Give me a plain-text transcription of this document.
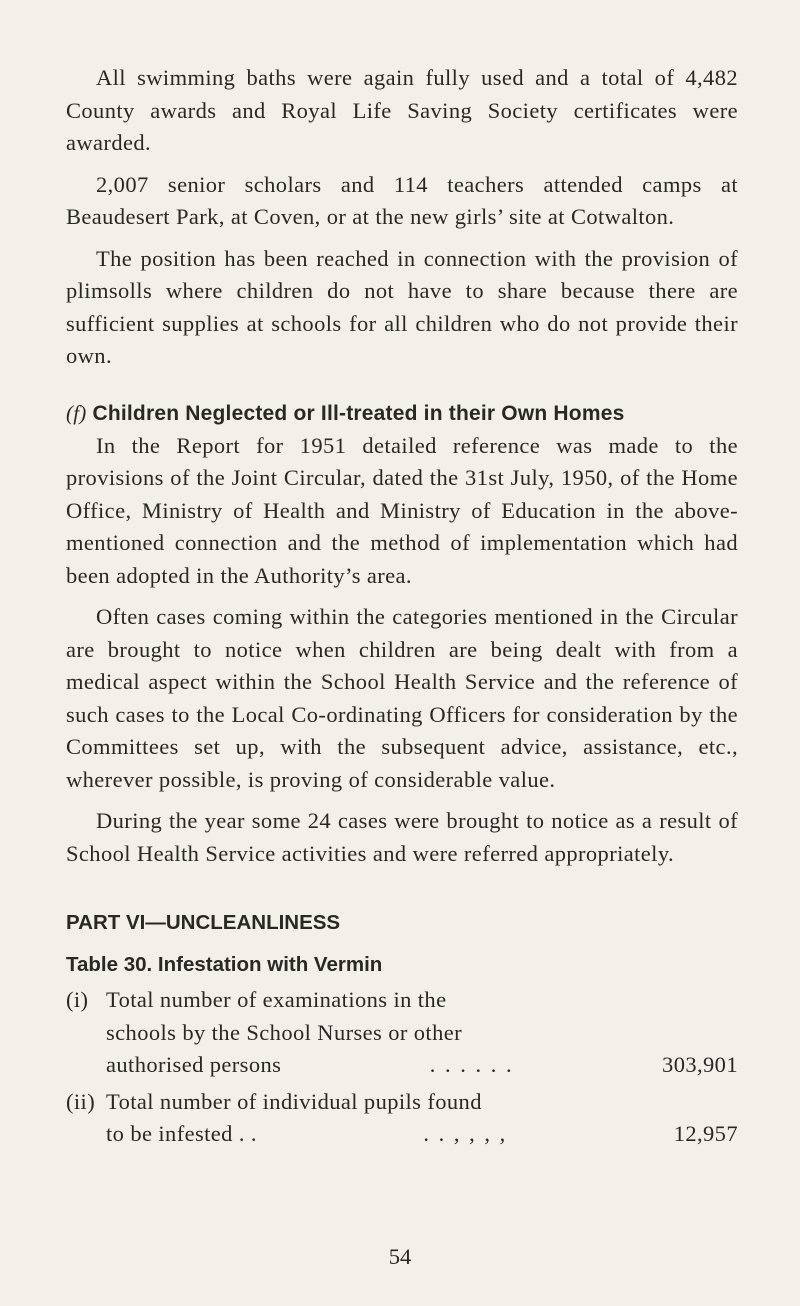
All swimming baths were again fully used and a total of 4,482 County awards and Royal Life Saving Society certificates were awarded.

2,007 senior scholars and 114 teachers attended camps at Beaudesert Park, at Coven, or at the new girls’ site at Cotwalton.

The position has been reached in connection with the provision of plimsolls where children do not have to share because there are sufficient supplies at schools for all children who do not provide their own.

(f) Children Neglected or Ill-treated in their Own Homes

In the Report for 1951 detailed reference was made to the provisions of the Joint Circular, dated the 31st July, 1950, of the Home Office, Ministry of Health and Ministry of Education in the above-mentioned connection and the method of implementation which had been adopted in the Authority’s area.

Often cases coming within the categories mentioned in the Circular are brought to notice when children are being dealt with from a medical aspect within the School Health Service and the reference of such cases to the Local Co-ordinating Officers for consideration by the Committees set up, with the subsequent advice, assistance, etc., wherever possible, is proving of considerable value.

During the year some 24 cases were brought to notice as a result of School Health Service activities and were referred appropriately.

PART VI—UNCLEANLINESS
Table 30. Infestation with Vermin
(i) Total number of examinations in the
schools by the School Nurses or other
authorised persons	. . . . . .	303,901
(ii) Total number of individual pupils found
to be infested . .	. . , , , ,	12,957
54
